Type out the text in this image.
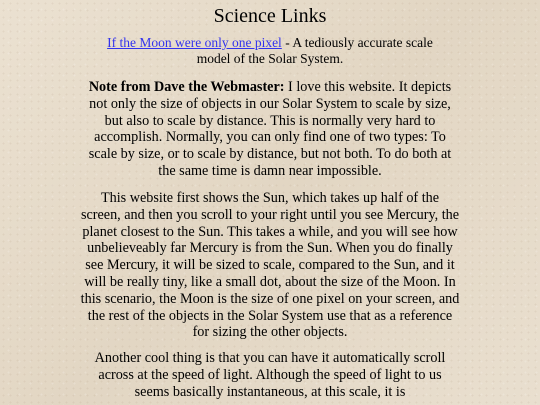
Science Links
If the Moon were only one pixel - A tediously accurate scale model of the Solar System.
Note from Dave the Webmaster: I love this website. It depicts not only the size of objects in our Solar System to scale by size, but also to scale by distance. This is normally very hard to accomplish. Normally, you can only find one of two types: To scale by size, or to scale by distance, but not both. To do both at the same time is damn near impossible.
This website first shows the Sun, which takes up half of the screen, and then you scroll to your right until you see Mercury, the planet closest to the Sun. This takes a while, and you will see how unbelieveably far Mercury is from the Sun. When you do finally see Mercury, it will be sized to scale, compared to the Sun, and it will be really tiny, like a small dot, about the size of the Moon. In this scenario, the Moon is the size of one pixel on your screen, and the rest of the objects in the Solar System use that as a reference for sizing the other objects.
Another cool thing is that you can have it automatically scroll across at the speed of light. Although the speed of light to us seems basically instantaneous, at this scale, it is
